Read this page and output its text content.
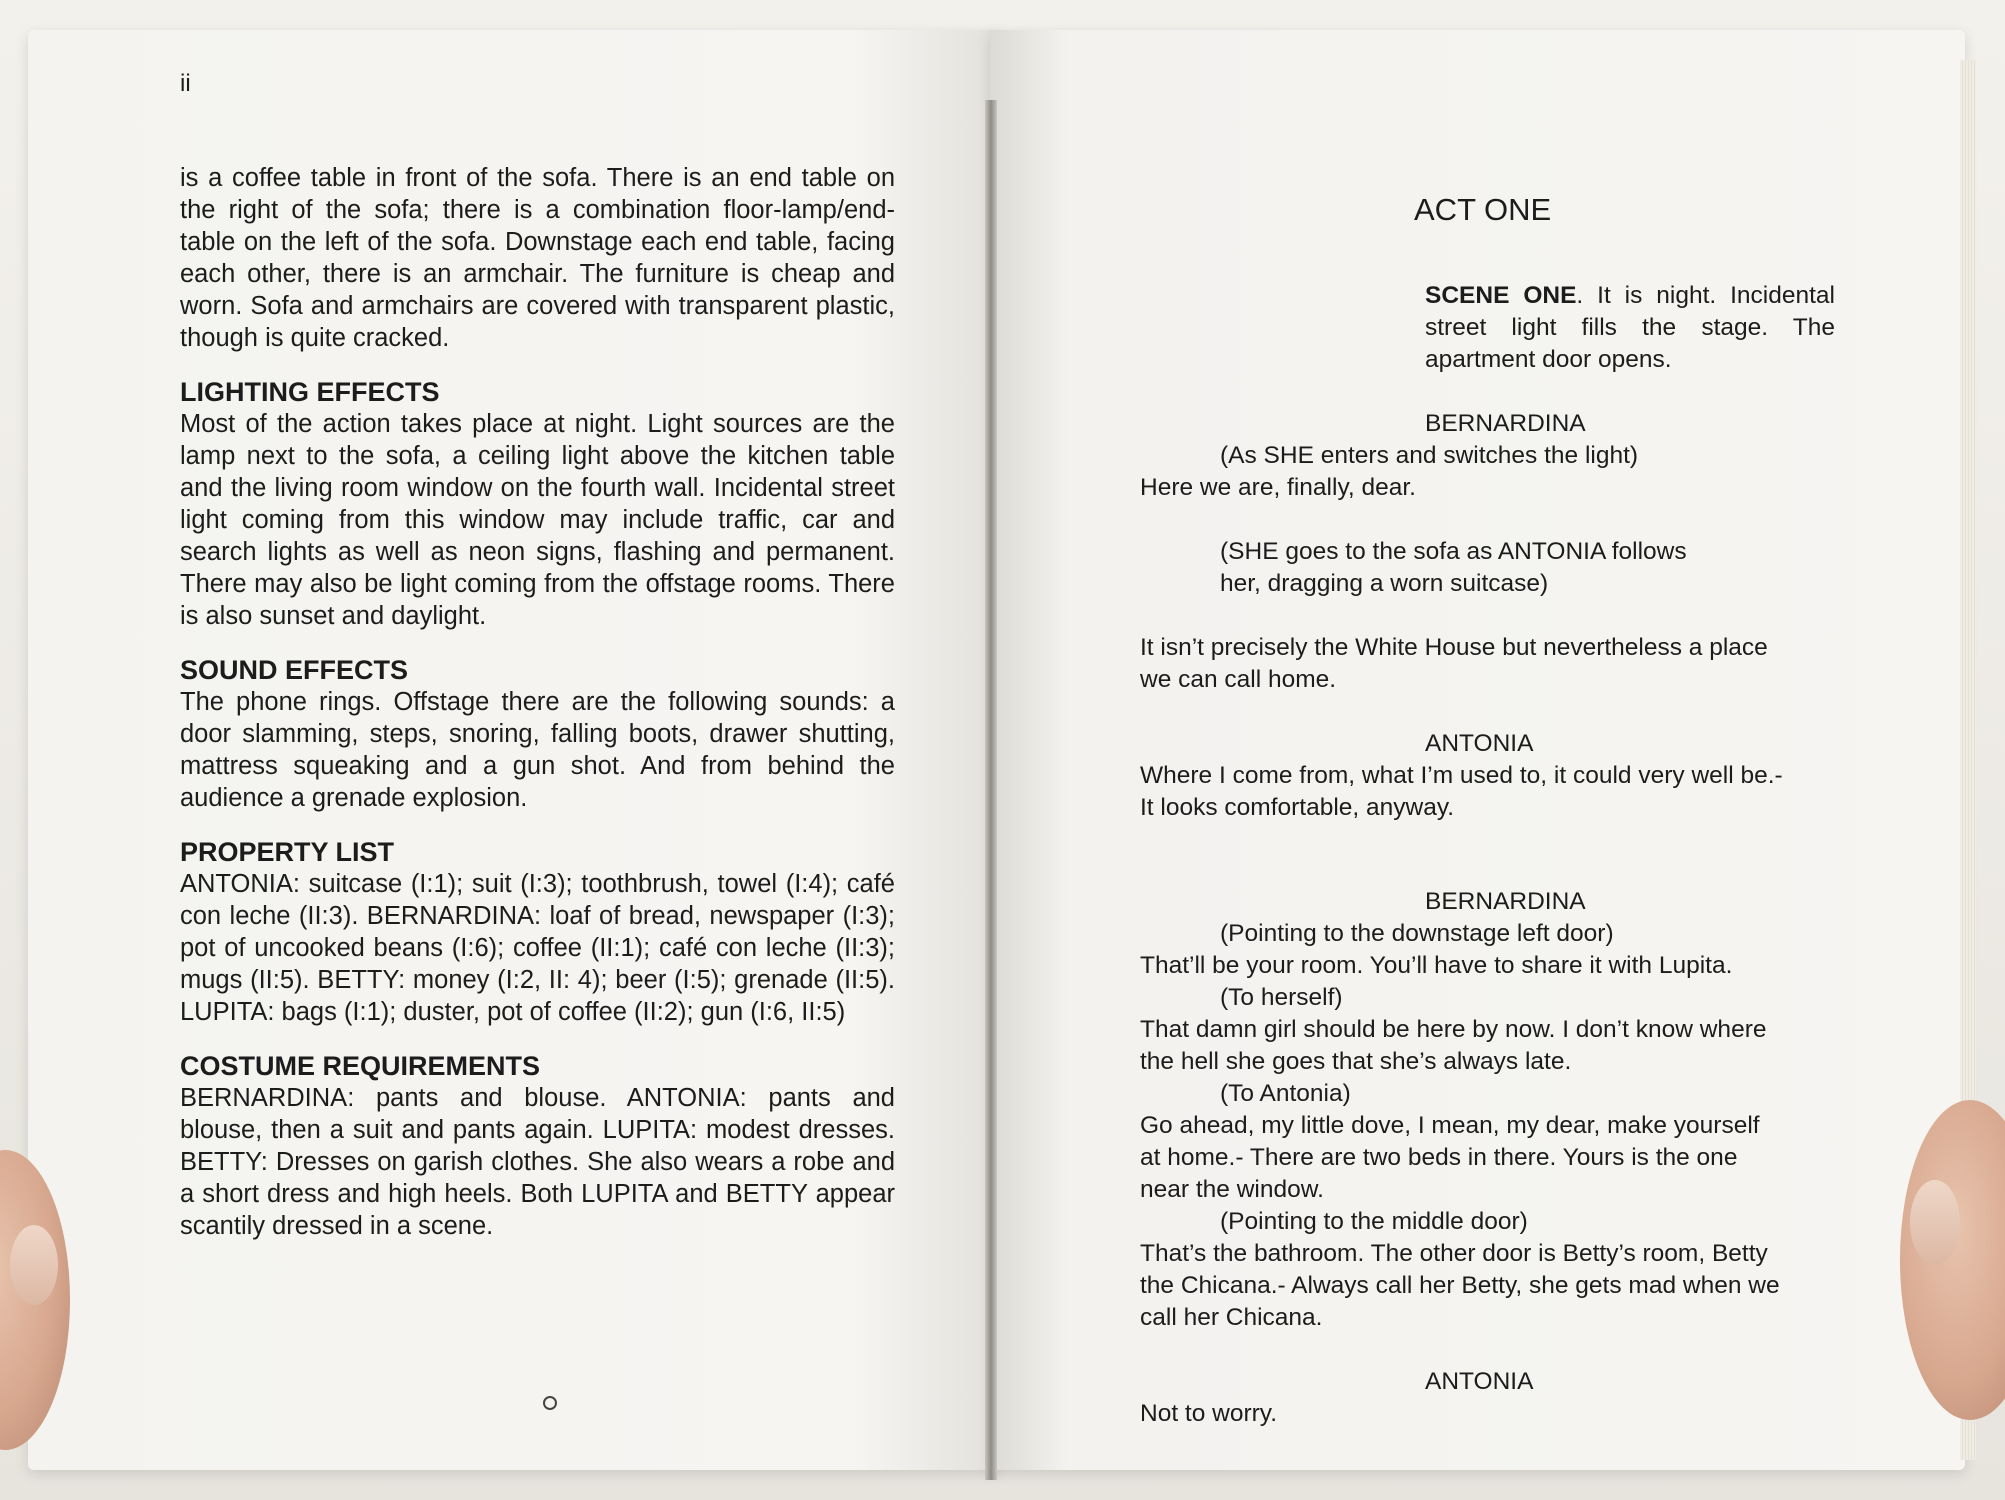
ii
is a coffee table in front of the sofa. There is an end table on the right of the sofa; there is a combination floor-lamp/end-table on the left of the sofa. Downstage each end table, facing each other, there is an armchair. The furniture is cheap and worn. Sofa and armchairs are covered with transparent plastic, though is quite cracked.
LIGHTING EFFECTS
Most of the action takes place at night. Light sources are the lamp next to the sofa, a ceiling light above the kitchen table and the living room window on the fourth wall. Incidental street light coming from this window may include traffic, car and search lights as well as neon signs, flashing and permanent. There may also be light coming from the offstage rooms. There is also sunset and daylight.
SOUND EFFECTS
The phone rings. Offstage there are the following sounds: a door slamming, steps, snoring, falling boots, drawer shutting, mattress squeaking and a gun shot. And from behind the audience a grenade explosion.
PROPERTY LIST
ANTONIA: suitcase (I:1); suit (I:3); toothbrush, towel (I:4); café con leche (II:3). BERNARDINA: loaf of bread, newspaper (I:3); pot of uncooked beans (I:6); coffee (II:1); café con leche (II:3); mugs (II:5). BETTY: money (I:2, II: 4); beer (I:5); grenade (II:5). LUPITA: bags (I:1); duster, pot of coffee (II:2); gun (I:6, II:5)
COSTUME REQUIREMENTS
BERNARDINA: pants and blouse. ANTONIA: pants and blouse, then a suit and pants again. LUPITA: modest dresses. BETTY: Dresses on garish clothes. She also wears a robe and a short dress and high heels. Both LUPITA and BETTY appear scantily dressed in a scene.
ACT ONE
SCENE ONE. It is night. Incidental street light fills the stage. The apartment door opens.
BERNARDINA
(As SHE enters and switches the light)
Here we are, finally, dear.
(SHE goes to the sofa as ANTONIA follows
her, dragging a worn suitcase)
It isn’t precisely the White House but nevertheless a place
we can call home.
ANTONIA
Where I come from, what I’m used to, it could very well be.-
It looks comfortable, anyway.
BERNARDINA
(Pointing to the downstage left door)
That’ll be your room. You’ll have to share it with Lupita.
(To herself)
That damn girl should be here by now. I don’t know where
the hell she goes that she’s always late.
(To Antonia)
Go ahead, my little dove, I mean, my dear, make yourself
at home.- There are two beds in there. Yours is the one
near the window.
(Pointing to the middle door)
That’s the bathroom. The other door is Betty’s room, Betty
the Chicana.- Always call her Betty, she gets mad when we
call her Chicana.
ANTONIA
Not to worry.
